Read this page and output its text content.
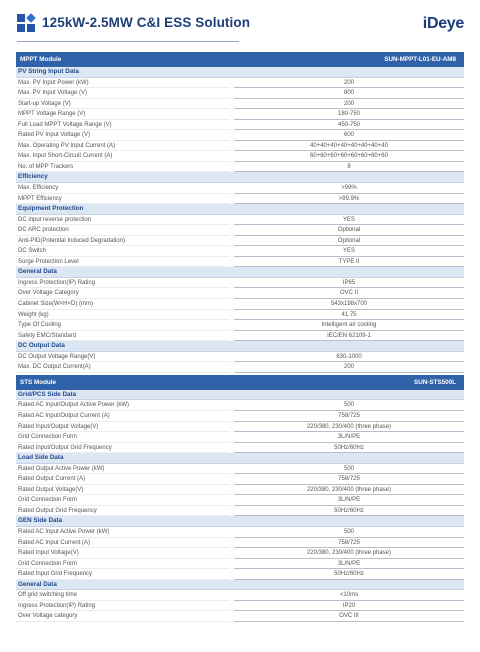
125kW-2.5MW C&I ESS Solution	iDeye
MPPT Module	SUN-MPPT-L01-EU-AM8
PV String Input Data
Max. PV Input Power (kW)	200
Max. PV Input Voltage (V)	800
Start-up Voltage (V)	200
MPPT Voltage Range (V)	180-750
Full Load MPPT Voltage Range (V)	450-750
Rated PV Input Voltage (V)	600
Max. Operating PV Input Current (A)	40+40+40+40+40+40+40+40
Max. Input Short-Circuit Current (A)	60+60+60+60+60+60+60+60
No. of MPP Trackers	8
Efficiency
Max. Efficiency	>99%
MPPT Efficiency	>99.9%
Equipment Protection
DC input reverse protection	YES
DC ARC protection	Optional
Anti-PID(Potential Induced Degradation)	Optional
DC Switch	YES
Surge Protection Level	TYPE II
General Data
Ingress Protection(IP) Rating	IP65
Over Voltage Category	OVC II
Cabinet Size(W×H×D) (mm)	543x198x700
Weight (kg)	41.75
Type Of Cooling	Intelligent air cooling
Safety EMC/Standard	IEC/EN 62109-1
DC Output Data
DC Output Voltage Range(V)	630-1000
Max. DC Output Current(A)	200
STS Module	SUN-STS500L
Grid/PCS Side Data
Rated AC Input/Output Active Power (kW)	500
Rated AC Input/Output Current (A)	758/725
Rated Input/Output Voltage(V)	220/380, 230/400 (three phase)
Grid Connection Form	3L/N/PE
Rated Input/Output Grid Frequency	50Hz/60Hz
Load Side Data
Rated Output Active Power (kW)	500
Rated Output Current (A)	758/725
Rated Output Voltage(V)	220/380, 230/400 (three phase)
Grid Connection Form	3L/N/PE
Rated Output Grid Frequency	50Hz/60Hz
GEN Side Data
Rated AC Input Active Power (kW)	500
Rated AC Input Current (A)	758/725
Rated Input Voltage(V)	220/380, 230/400 (three phase)
Grid Connection Form	3L/N/PE
Rated Input Grid Frequency	50Hz/60Hz
General Data
Off grid switching time	<10ms
Ingress Protection(IP) Rating	IP20
Over Voltage category	OVC III
